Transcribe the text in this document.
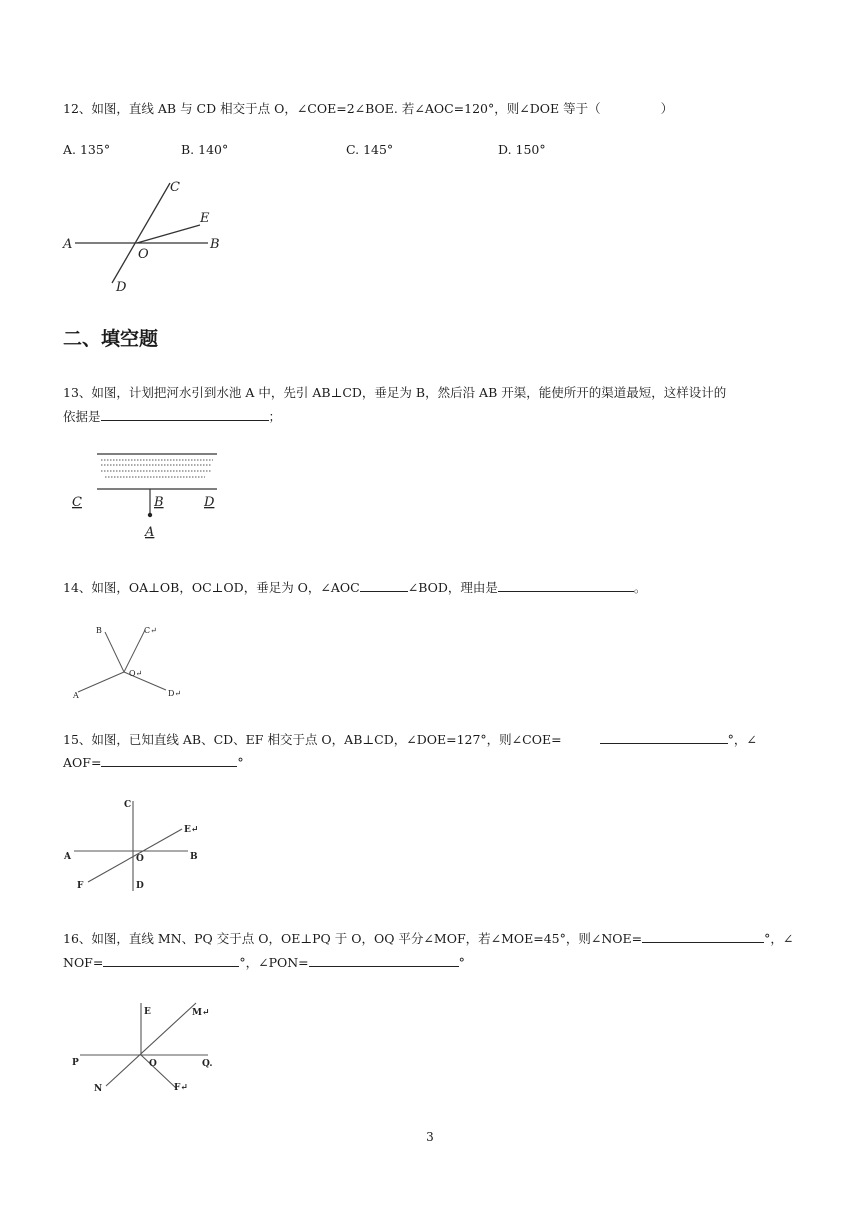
12、如图，直线 AB 与 CD 相交于点 O，∠COE=2∠BOE. 若∠AOC=120°，则∠DOE 等于（	）
A. 135°	B. 140°	C. 145°	D. 150°
A	B
C
D
E
O
二、填空题
13、如图，计划把河水引到水池 A 中，先引 AB⊥CD，垂足为 B，然后沿 AB 开渠，能使所开的渠道最短，这样设计的
依据是	；
C	B	D
A
14、如图，OA⊥OB，OC⊥OD，垂足为 O，∠AOC	∠BOD，理由是	。
B	C↵
O↵
A	D↵
15、如图，已知直线 AB、CD、EF 相交于点 O，AB⊥CD，∠DOE=127°，则∠COE=	°，∠
AOF=	°
C
E↵
A	O	B
F	D
16、如图，直线 MN、PQ 交于点 O，OE⊥PQ 于 O，OQ 平分∠MOF，若∠MOE=45°，则∠NOE=	°，∠
NOF=	°，∠PON=	°
E	M↵
P	O	Q.
N	F↵
3
